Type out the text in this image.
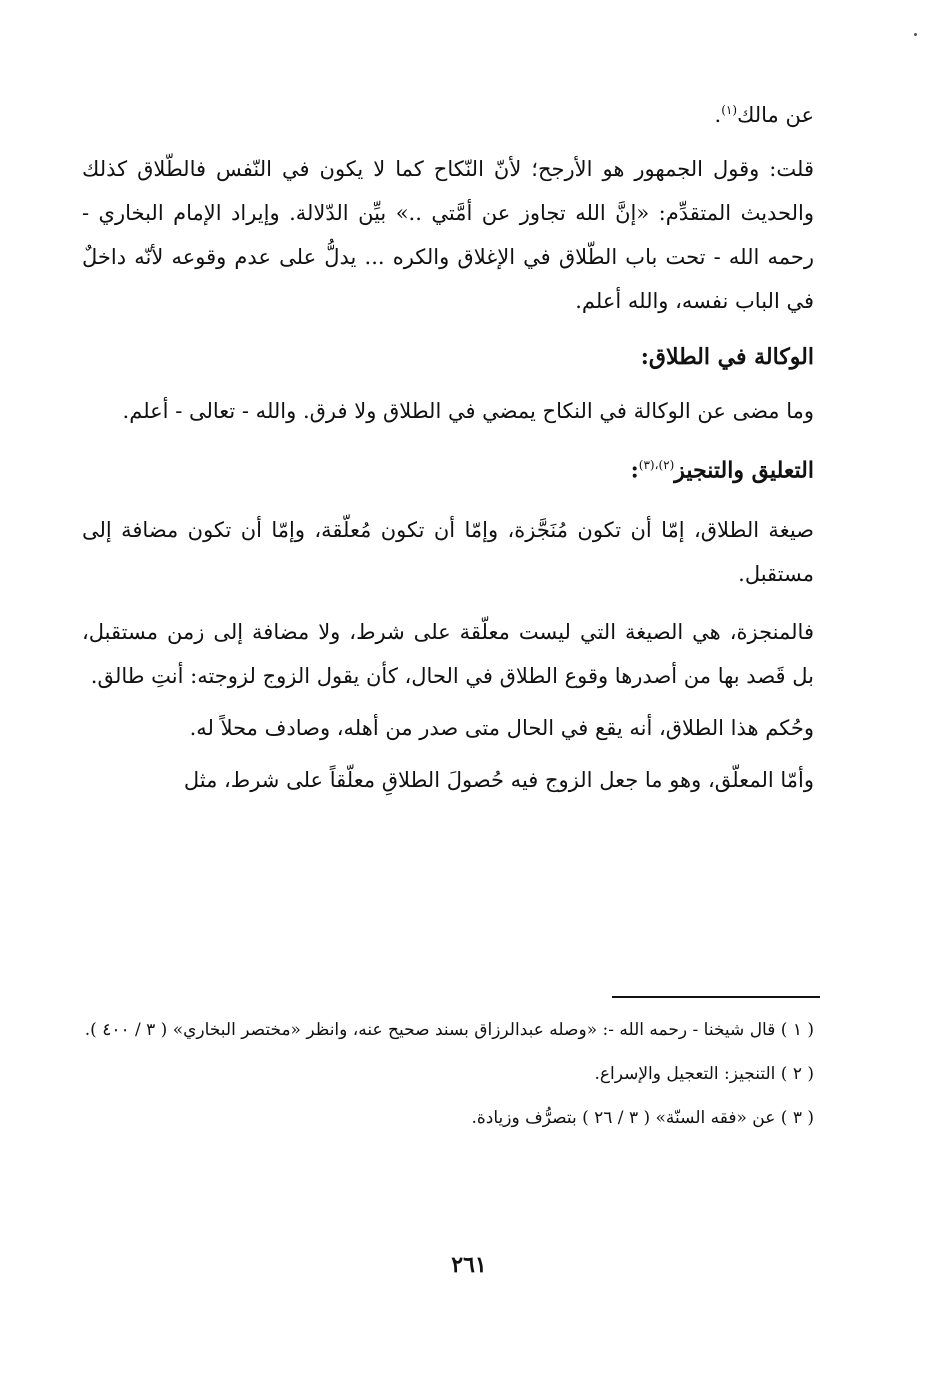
عن مالك$^{(١)}$.

قلت: وقول الجمهور هو الأرجح؛ لأنّ النّكاح كما لا يكون في النّفس فالطّلاق كذلك والحديث المتقدِّم: «إنَّ الله تجاوز عن أمَّتي ..» بيِّن الدّلالة. وإيراد الإمام البخاري - رحمه الله - تحت باب الطّلاق في الإغلاق والكره ... يدلُّ على عدم وقوعه لأنّه داخلٌ في الباب نفسه، والله أعلم.

الوكالة في الطلاق:

وما مضى عن الوكالة في النكاح يمضي في الطلاق ولا فرق. والله - تعالى - أعلم.

التعليق والتنجيز$^{(٢)،(٣)}$:

صيغة الطلاق، إمّا أن تكون مُنَجَّزة، وإمّا أن تكون مُعلّقة، وإمّا أن تكون مضافة إلى مستقبل.

فالمنجزة، هي الصيغة التي ليست معلّقة على شرط، ولا مضافة إلى زمن مستقبل، بل قَصد بها من أصدرها وقوع الطلاق في الحال، كأن يقول الزوج لزوجته: أنتِ طالق.

وحُكم هذا الطلاق، أنه يقع في الحال متى صدر من أهله، وصادف محلاً له.

وأمّا المعلّق، وهو ما جعل الزوج فيه حُصولَ الطلاقِ معلّقاً على شرط، مثل

( ١ ) قال شيخنا - رحمه الله -: «وصله عبدالرزاق بسند صحيح عنه، وانظر «مختصر البخاري» ( ٣ / ٤٠٠ ).

( ٢ ) التنجيز: التعجيل والإسراع.

( ٣ ) عن «فقه السنّة» ( ٣ / ٢٦ ) بتصرُّف وزيادة.

٢٦١
